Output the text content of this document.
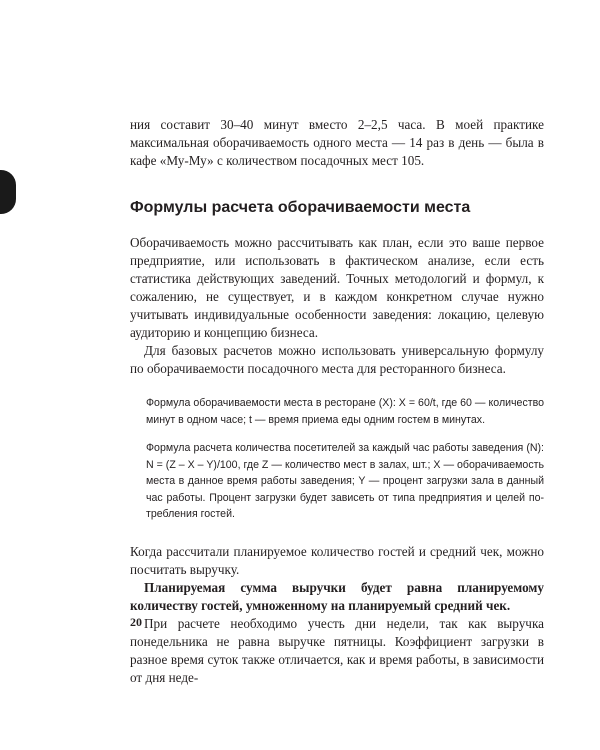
ния составит 30–40 минут вместо 2–2,5 часа. В моей практике максимальная оборачиваемость одного места — 14 раз в день — была в кафе «Му-Му» с количеством посадочных мест 105.

Формулы расчета оборачиваемости места

Оборачиваемость можно рассчитывать как план, если это ваше первое предприятие, или использовать в фактическом анализе, если есть статистика действующих заведений. Точных методологий и формул, к сожалению, не существует, и в каждом конкретном случае нужно учитывать индивидуальные особенности заведения: локацию, целевую аудиторию и концепцию бизнеса.

Для базовых расчетов можно использовать универсальную формулу по оборачиваемости посадочного места для ресторанного бизнеса.

Формула оборачиваемости места в ресторане (X): X = 60/t, где 60 — количество минут в одном часе; t — время приема еды одним гостем в минутах.

Формула расчета количества посетителей за каждый час работы заведения (N): N = (Z – X – Y)/100, где Z — количество мест в залах, шт.; X — оборачиваемость места в данное время работы заведения; Y — процент загрузки зала в данный час работы. Процент загрузки будет зависеть от типа предприятия и целей потребления гостей.

Когда рассчитали планируемое количество гостей и средний чек, можно посчитать выручку.

Планируемая сумма выручки будет равна планируемому количеству гостей, умноженному на планируемый средний чек.

При расчете необходимо учесть дни недели, так как выручка понедельника не равна выручке пятницы. Коэффициент загрузки в разное время суток также отличается, как и время работы, в зависимости от дня неде-

20
